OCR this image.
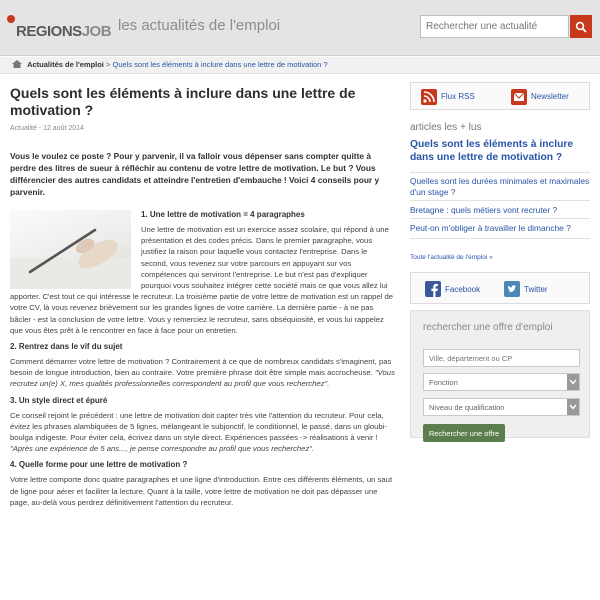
REGIONSJOB les actualités de l'emploi
Rechercher une actualité
Actualités de l'emploi > Quels sont les éléments à inclure dans une lettre de motivation ?
Quels sont les éléments à inclure dans une lettre de motivation ?
Actualité - 12 août 2014

Vous le voulez ce poste ? Pour y parvenir, il va falloir vous dépenser sans compter quitte à perdre des litres de sueur à réfléchir au contenu de votre lettre de motivation. Le but ? Vous différencier des autres candidats et atteindre l'entretien d'embauche ! Voici 4 conseils pour y parvenir.

1. Une lettre de motivation = 4 paragraphes

Une lettre de motivation est un exercice assez scolaire, qui répond à une présentation et des codes précis. Dans le premier paragraphe, vous justifiez la raison pour laquelle vous contactez l'entreprise. Dans le second, vous revenez sur votre parcours en appuyant sur vos compétences qui serviront l'entreprise. Le but n'est pas d'expliquer pourquoi vous souhaitez intégrer cette société mais ce que vous allez lui apporter. C'est tout ce qui intéresse le recruteur. La troisième partie de votre lettre de motivation est un rappel de votre CV, là vous revenez brièvement sur les grandes lignes de votre carrière. La dernière partie - à ne pas bâcler - est la conclusion de votre lettre. Vous y remerciez le recruteur, sans obséquiosité, et vous lui rappelez que vous êtes prêt à le rencontrer en face à face pour un entretien.

2. Rentrez dans le vif du sujet

Comment démarrer votre lettre de motivation ? Contrairement à ce que de nombreux candidats s'imaginent, pas besoin de longue introduction, bien au contraire. Votre première phrase doit être simple mais accrocheuse. "Vous recrutez un(e) X, mes qualités professionnelles correspondent au profil que vous recherchez".

3. Un style direct et épuré

Ce conseil rejoint le précédent : une lettre de motivation doit capter très vite l'attention du recruteur. Pour cela, évitez les phrases alambiquées de 5 lignes, mélangeant le subjonctif, le conditionnel, le passé, dans un gloubi-boulga indigeste. Pour éviter cela, écrivez dans un style direct. Expériences passées -> réalisations à venir ! "Après une expérience de 5 ans..., je pense correspondre au profil que vous recherchez".

4. Quelle forme pour une lettre de motivation ?

Votre lettre comporte donc quatre paragraphes et une ligne d'introduction. Entre ces différents éléments, un saut de ligne pour aérer et faciliter la lecture. Quant à la taille, votre lettre de motivation ne doit pas dépasser une page, au-delà vous perdrez définitivement l'attention du recruteur.

Flux RSS	Newsletter
articles les + lus
Quels sont les éléments à inclure dans une lettre de motivation ?
Quelles sont les durées minimales et maximales d'un stage ?
Bretagne : quels métiers vont recruter ?
Peut-on m'obliger à travailler le dimanche ?
Toute l'actualité de l'emploi »
Facebook	Twitter
rechercher une offre d'emploi
Ville, département ou CP
Fonction
Niveau de qualification
Rechercher une offre
